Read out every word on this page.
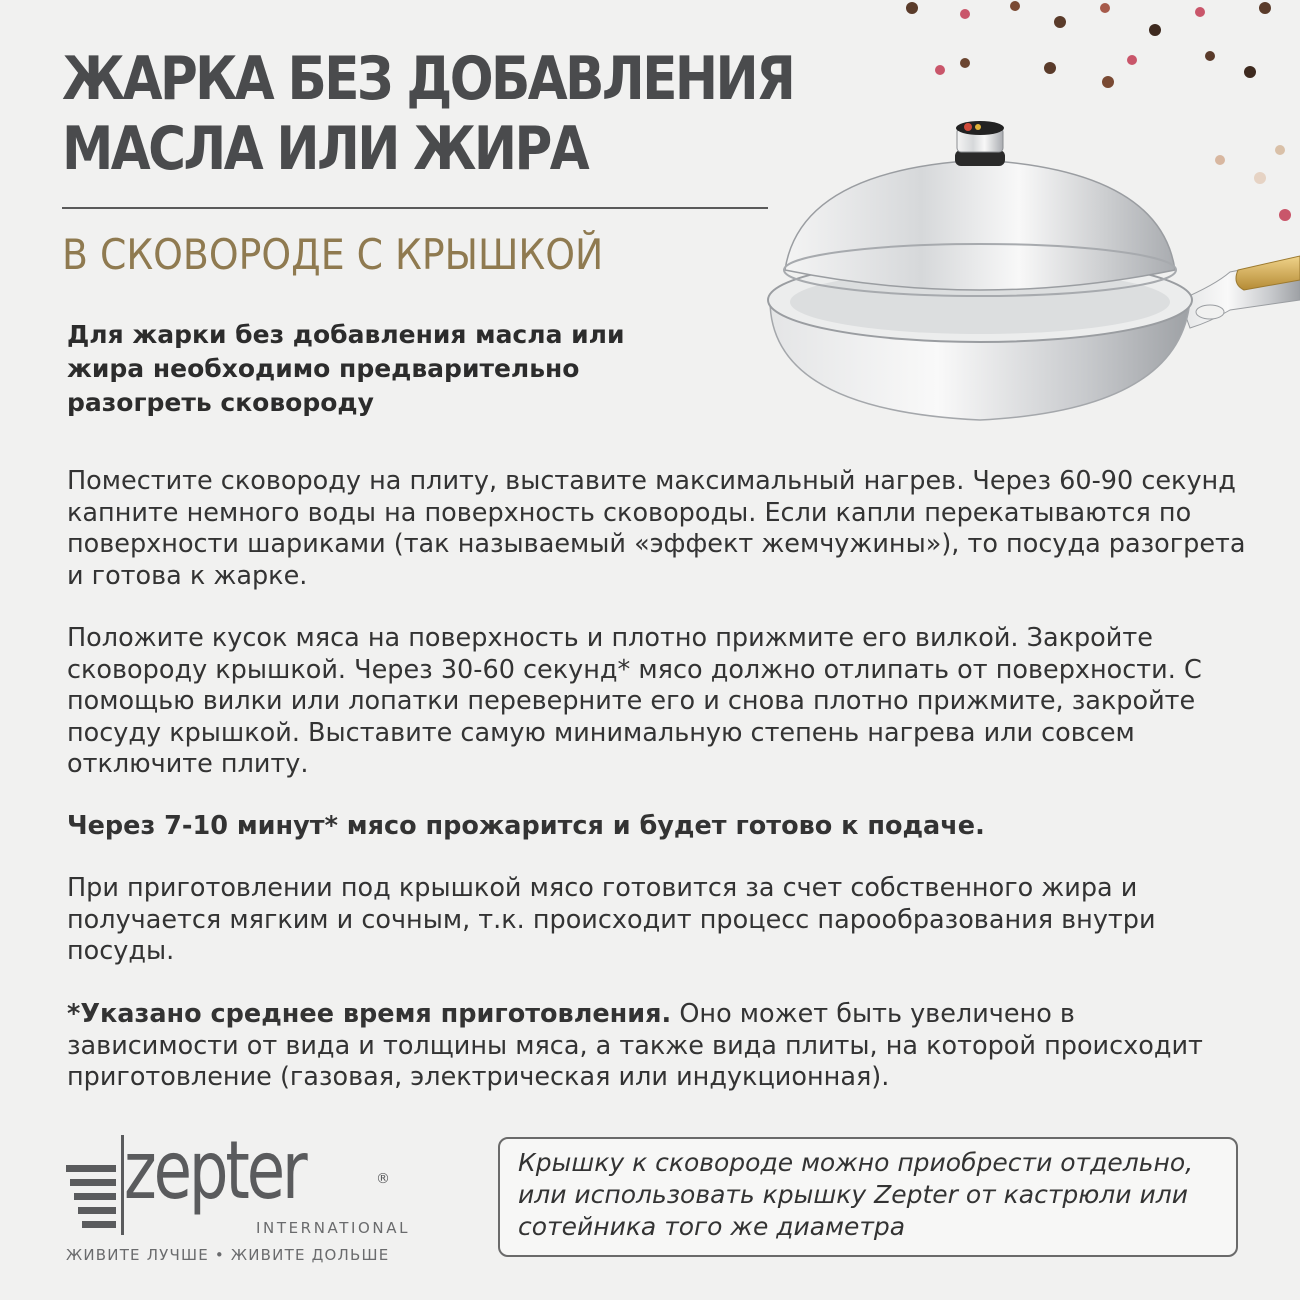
ЖАРКА БЕЗ ДОБАВЛЕНИЯ
МАСЛА ИЛИ ЖИРА
В СКОВОРОДЕ С КРЫШКОЙ

Для жарки без добавления масла или жира необходимо предварительно разогреть сковороду

Поместите сковороду на плиту, выставите максимальный нагрев. Через 60-90 секунд капните немного воды на поверхность сковороды. Если капли перекатываются по поверхности шариками (так называемый «эффект жемчужины»), то посуда разогрета и готова к жарке.

Положите кусок мяса на поверхность и плотно прижмите его вилкой. Закройте сковороду крышкой. Через 30-60 секунд* мясо должно отлипать от поверхности. С помощью вилки или лопатки переверните его и снова плотно прижмите, закройте посуду крышкой. Выставите самую минимальную степень нагрева или совсем отключите плиту.

Через 7-10 минут* мясо прожарится и будет готово к подаче.

При приготовлении под крышкой мясо готовится за счет собственного жира и получается мягким и сочным, т.к. происходит процесс парообразования внутри посуды.

*Указано среднее время приготовления. Оно может быть увеличено в зависимости от вида и толщины мяса, а также вида плиты, на которой происходит приготовление (газовая, электрическая или индукционная).

zepter	®
INTERNATIONAL
ЖИВИТЕ ЛУЧШЕ • ЖИВИТЕ ДОЛЬШЕ

Крышку к сковороде можно приобрести отдельно, или использовать крышку Zepter от кастрюли или сотейника того же диаметра
